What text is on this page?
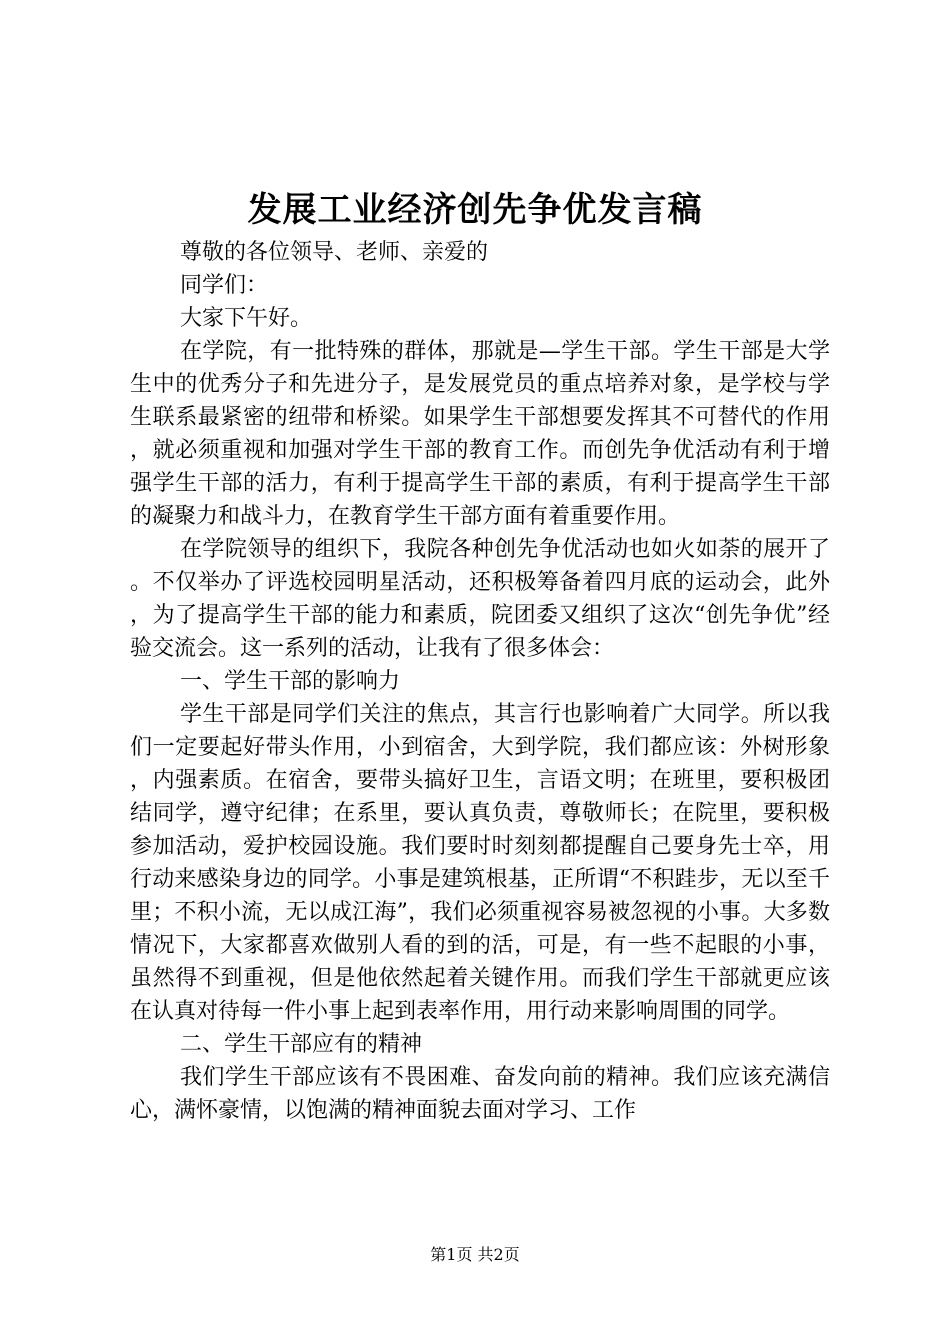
发展工业经济创先争优发言稿

尊敬的各位领导、老师、亲爱的

同学们：

大家下午好。

在学院，有一批特殊的群体，那就是—学生干部。学生干部是大学生中的优秀分子和先进分子，是发展党员的重点培养对象，是学校与学生联系最紧密的纽带和桥梁。如果学生干部想要发挥其不可替代的作用，就必须重视和加强对学生干部的教育工作。而创先争优活动有利于增强学生干部的活力，有利于提高学生干部的素质，有利于提高学生干部的凝聚力和战斗力，在教育学生干部方面有着重要作用。

在学院领导的组织下，我院各种创先争优活动也如火如荼的展开了。不仅举办了评选校园明星活动，还积极筹备着四月底的运动会，此外，为了提高学生干部的能力和素质，院团委又组织了这次“创先争优”经验交流会。这一系列的活动，让我有了很多体会：

一、学生干部的影响力

学生干部是同学们关注的焦点，其言行也影响着广大同学。所以我们一定要起好带头作用，小到宿舍，大到学院，我们都应该：外树形象，内强素质。在宿舍，要带头搞好卫生，言语文明；在班里，要积极团结同学，遵守纪律；在系里，要认真负责，尊敬师长；在院里，要积极参加活动，爱护校园设施。我们要时时刻刻都提醒自己要身先士卒，用行动来感染身边的同学。小事是建筑根基，正所谓“不积跬步，无以至千里；不积小流，无以成江海”，我们必须重视容易被忽视的小事。大多数情况下，大家都喜欢做别人看的到的活，可是，有一些不起眼的小事，虽然得不到重视，但是他依然起着关键作用。而我们学生干部就更应该在认真对待每一件小事上起到表率作用，用行动来影响周围的同学。

二、学生干部应有的精神

我们学生干部应该有不畏困难、奋发向前的精神。我们应该充满信心，满怀豪情，以饱满的精神面貌去面对学习、工作

第1页 共2页
